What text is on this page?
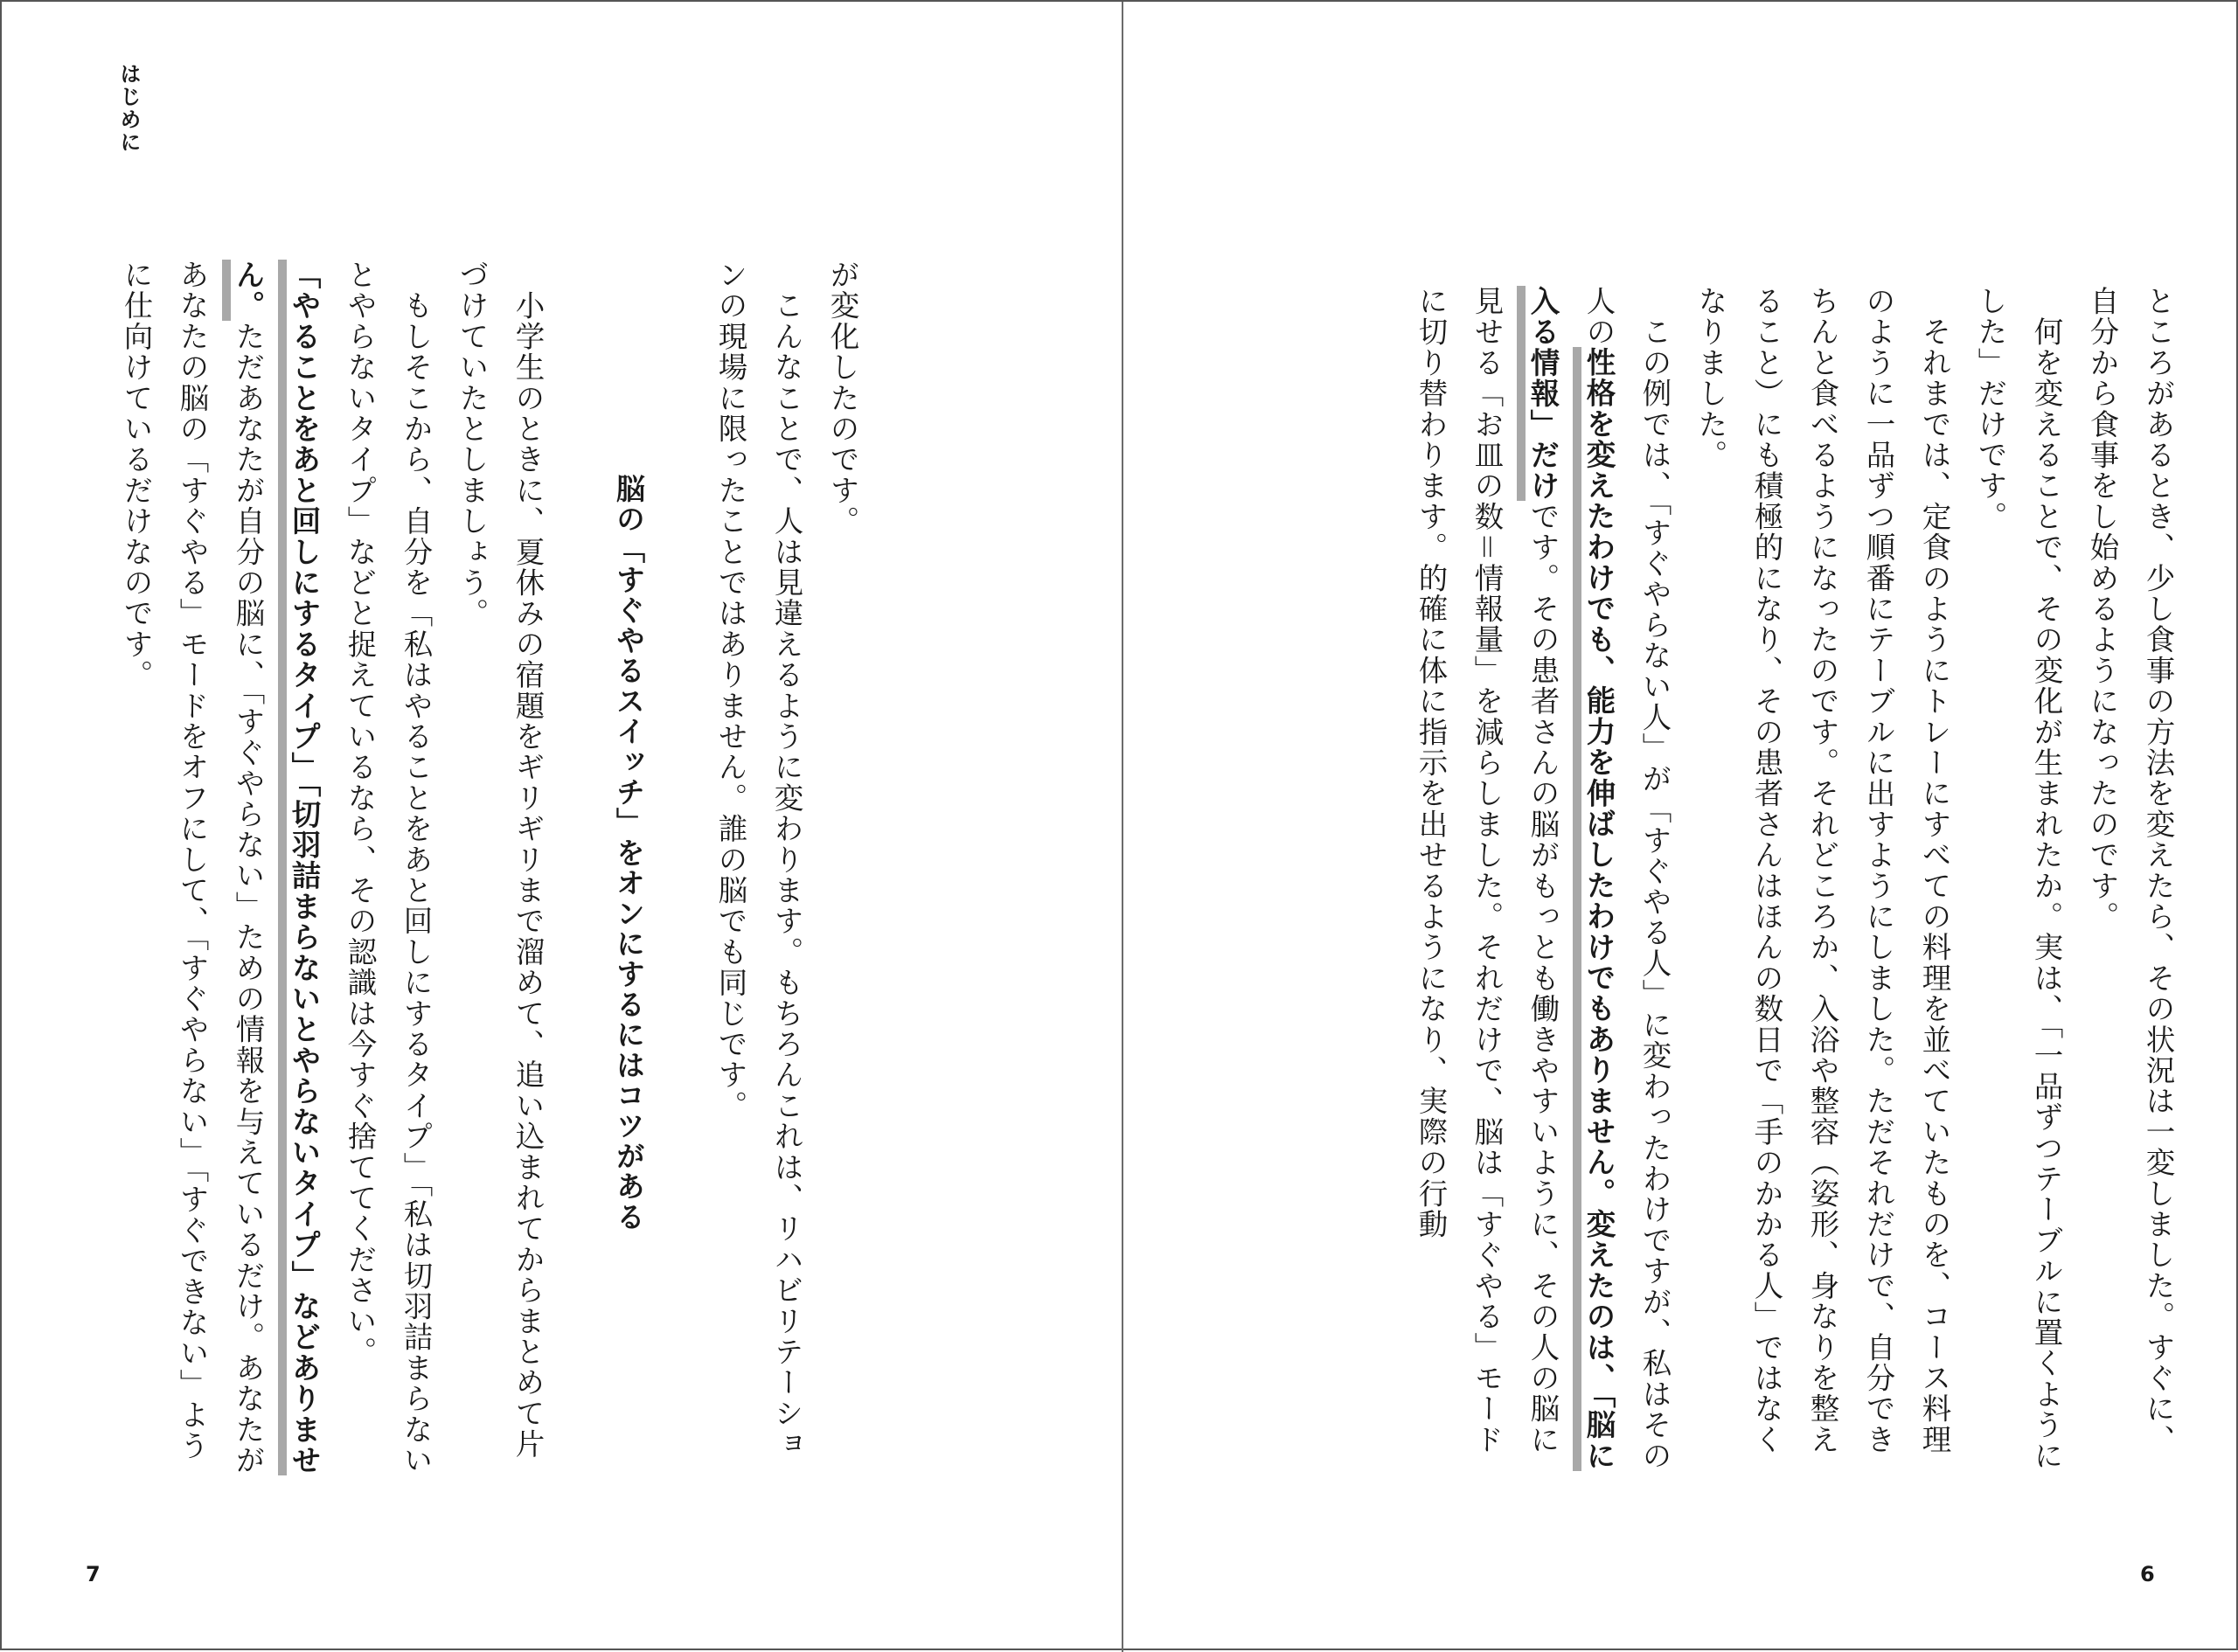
はじめに

が変化したのです。

　こんなことで、人は見違えるように変わります。もちろんこれは、リハビリテーションの現場に限ったことではありません。誰の脳でも同じです。

脳の「すぐやるスイッチ」をオンにするにはコツがある

　小学生のときに、夏休みの宿題をギリギリまで溜めて、追い込まれてからまとめて片づけていたとしましょう。

　もしそこから、自分を「私はやることをあと回しにするタイプ」「私は切羽詰まらないとやらないタイプ」などと捉えているなら、その認識は今すぐ捨ててください。

「やることをあと回しにするタイプ」「切羽詰まらないとやらないタイプ」などありません。ただあなたが自分の脳に、「すぐやらない」ための情報を与えているだけ。あなたがあなたの脳の「すぐやる」モードをオフにして、「すぐやらない」「すぐできない」ように仕向けているだけなのです。

7

ところがあるとき、少し食事の方法を変えたら、その状況は一変しました。すぐに、自分から食事をし始めるようになったのです。

　何を変えることで、その変化が生まれたか。実は、「一品ずつテーブルに置くようにした」だけです。

　それまでは、定食のようにトレーにすべての料理を並べていたものを、コース料理のように一品ずつ順番にテーブルに出すようにしました。ただそれだけで、自分できちんと食べるようになったのです。それどころか、入浴や整容（姿形、身なりを整えること）にも積極的になり、その患者さんはほんの数日で「手のかかる人」ではなくなりました。

　この例では、「すぐやらない人」が「すぐやる人」に変わったわけですが、私はその人の性格を変えたわけでも、能力を伸ばしたわけでもありません。変えたのは、「脳に入る情報」だけです。その患者さんの脳がもっとも働きやすいように、その人の脳に見せる「お皿の数＝情報量」を減らしました。それだけで、脳は「すぐやる」モードに切り替わります。的確に体に指示を出せるようになり、実際の行動

6
